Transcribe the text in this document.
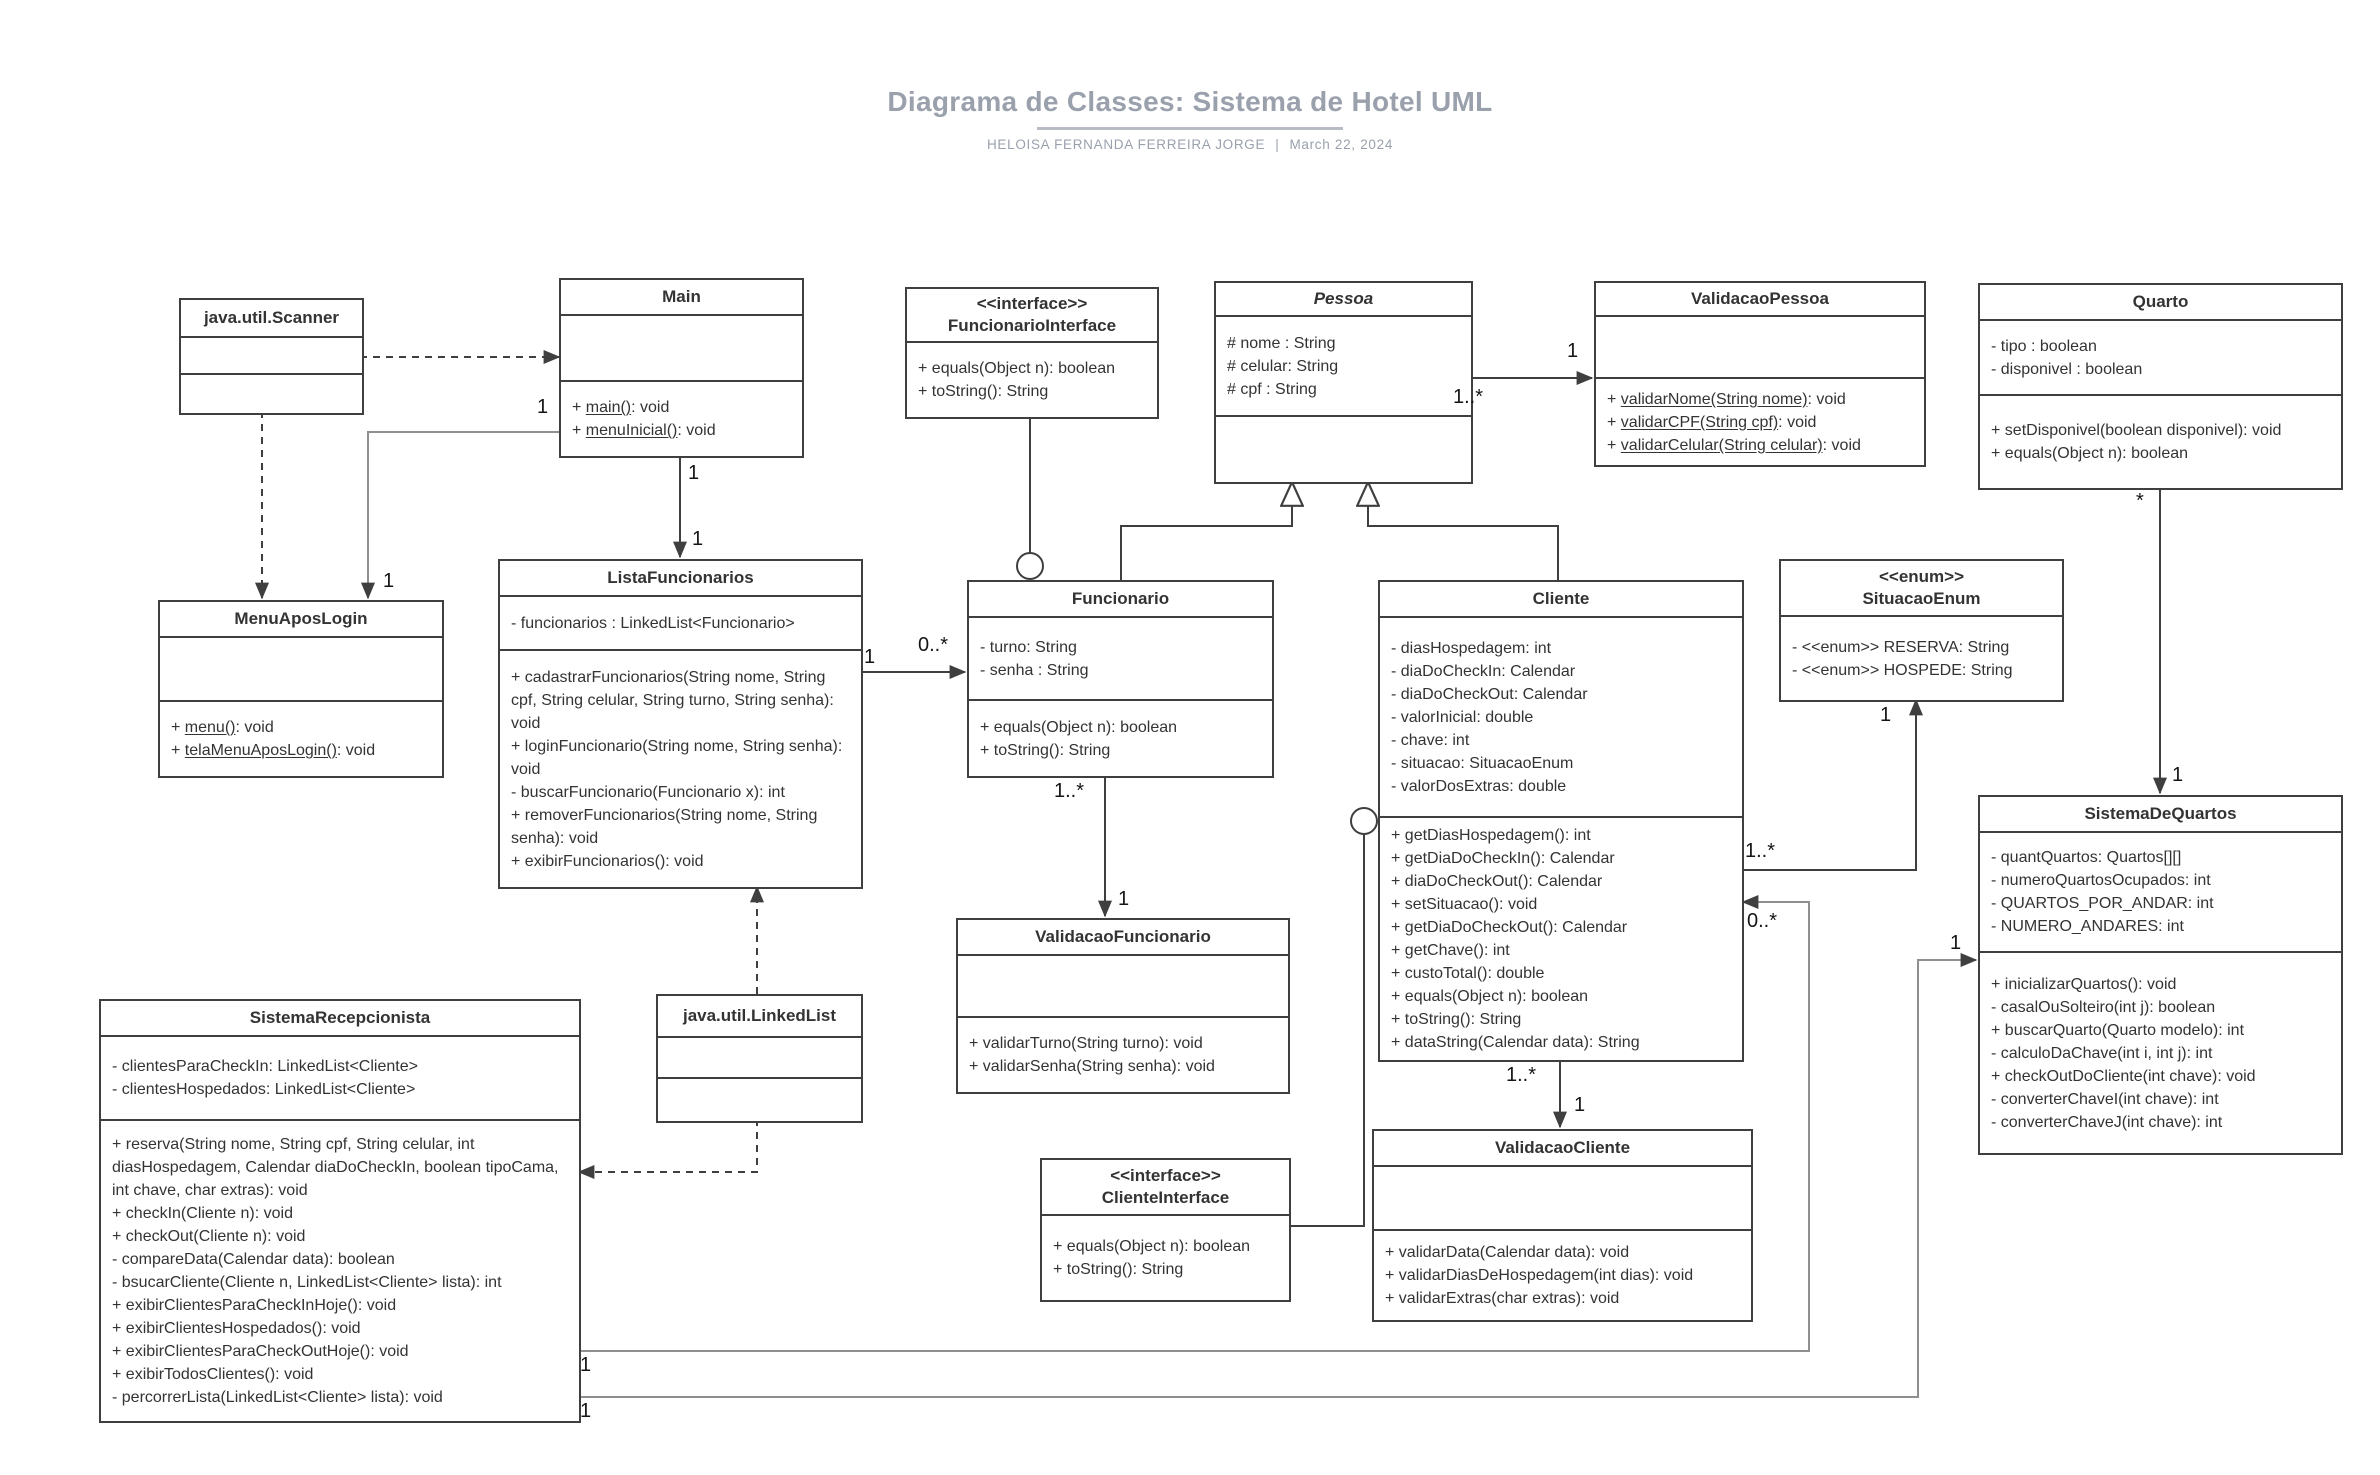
Diagrama de Classes: Sistema de Hotel UML
HELOISA FERNANDA FERREIRA JORGE | March 22, 2024
java.util.Scanner
Main
+ main(): void
+ menuInicial(): void
<<interface>>
FuncionarioInterface
+ equals(Object n): boolean
+ toString(): String
Pessoa
# nome : String
# celular: String
# cpf : String
ValidacaoPessoa
+ validarNome(String nome): void
+ validarCPF(String cpf): void
+ validarCelular(String celular): void
Quarto
- tipo : boolean
- disponivel : boolean
+ setDisponivel(boolean disponivel): void
+ equals(Object n): boolean
ListaFuncionarios
- funcionarios : LinkedList<Funcionario>
+ cadastrarFuncionarios(String nome, String cpf, String celular, String turno, String senha): void
+ loginFuncionario(String nome, String senha): void
- buscarFuncionario(Funcionario x): int
+ removerFuncionarios(String nome, String senha): void
+ exibirFuncionarios(): void
Funcionario
- turno: String
- senha : String
+ equals(Object n): boolean
+ toString(): String
Cliente
- diasHospedagem: int
- diaDoCheckIn: Calendar
- diaDoCheckOut: Calendar
- valorInicial: double
- chave: int
- situacao: SituacaoEnum
- valorDosExtras: double
+ getDiasHospedagem(): int
+ getDiaDoCheckIn(): Calendar
+ diaDoCheckOut(): Calendar
+ setSituacao(): void
+ getDiaDoCheckOut(): Calendar
+ getChave(): int
+ custoTotal(): double
+ equals(Object n): boolean
+ toString(): String
+ dataString(Calendar data): String
<<enum>>
SituacaoEnum
- <<enum>> RESERVA: String
- <<enum>> HOSPEDE: String
MenuAposLogin
+ menu(): void
+ telaMenuAposLogin(): void
SistemaDeQuartos
- quantQuartos: Quartos[][]
- numeroQuartosOcupados: int
- QUARTOS_POR_ANDAR: int
- NUMERO_ANDARES: int
+ inicializarQuartos(): void
- casalOuSolteiro(int j): boolean
+ buscarQuarto(Quarto modelo): int
- calculoDaChave(int i, int j): int
+ checkOutDoCliente(int chave): void
- converterChaveI(int chave): int
- converterChaveJ(int chave): int
ValidacaoFuncionario
+ validarTurno(String turno): void
+ validarSenha(String senha): void
SistemaRecepcionista
- clientesParaCheckIn: LinkedList<Cliente>
- clientesHospedados: LinkedList<Cliente>
+ reserva(String nome, String cpf, String celular, int diasHospedagem, Calendar diaDoCheckIn, boolean tipoCama, int chave, char extras): void
+ checkIn(Cliente n): void
+ checkOut(Cliente n): void
- compareData(Calendar data): boolean
- bsucarCliente(Cliente n, LinkedList<Cliente> lista): int
+ exibirClientesParaCheckInHoje(): void
+ exibirClientesHospedados(): void
+ exibirClientesParaCheckOutHoje(): void
+ exibirTodosClientes(): void
- percorrerLista(LinkedList<Cliente> lista): void
java.util.LinkedList
<<interface>>
ClienteInterface
+ equals(Object n): boolean
+ toString(): String
ValidacaoCliente
+ validarData(Calendar data): void
+ validarDiasDeHospedagem(int dias): void
+ validarExtras(char extras): void
1
1
1
1
1
0..*
1..*
1
1..*
1
*
1
1..*
1
0..*
1..*
1
1
1
1
